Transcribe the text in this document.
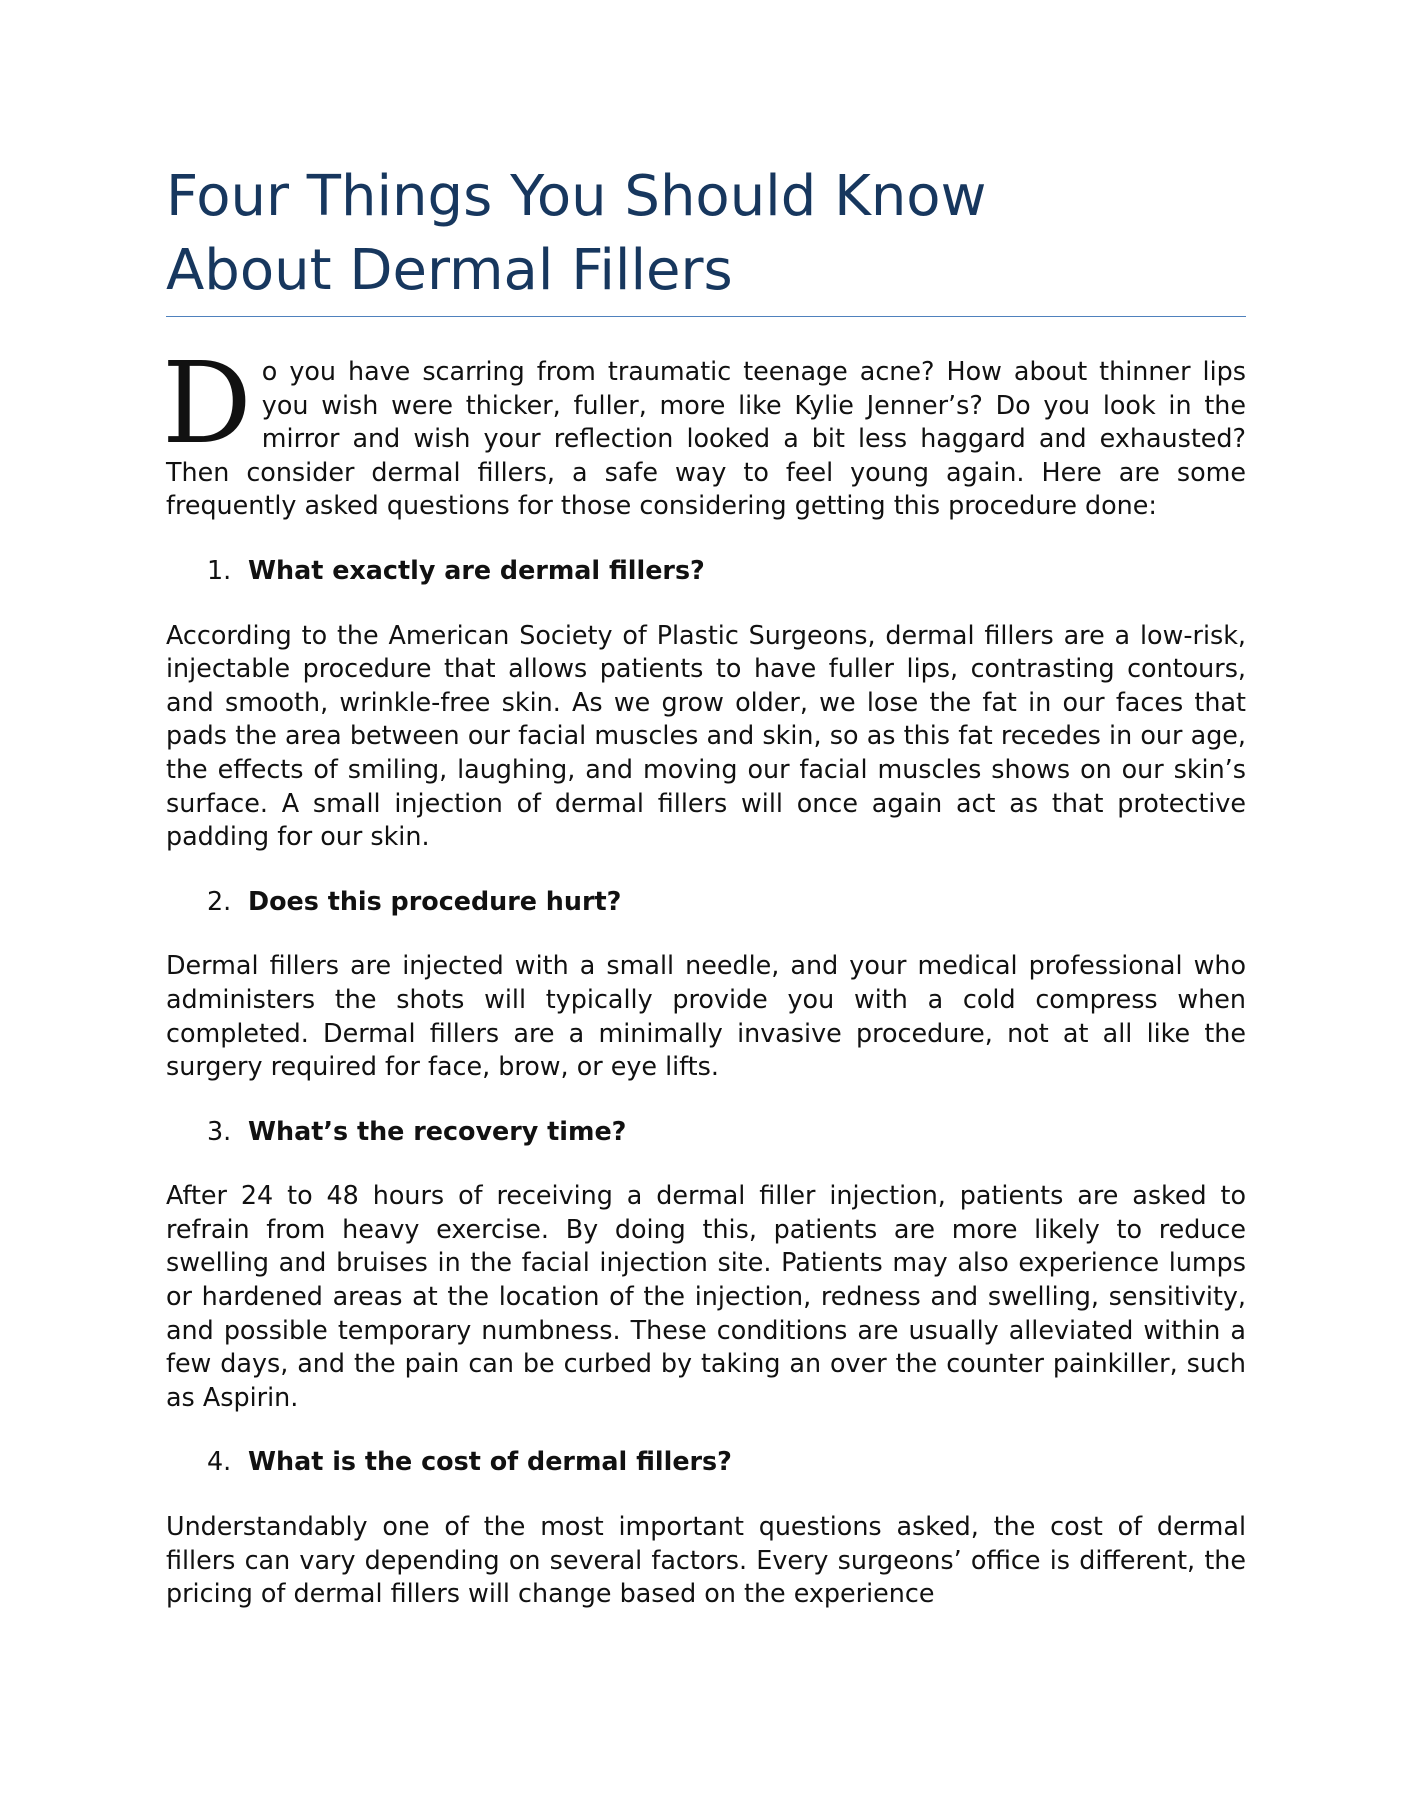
Four Things You Should Know
About Dermal Fillers

D o you have scarring from traumatic teenage acne? How about thinner lips you wish were thicker, fuller, more like Kylie Jenner’s? Do you look in the mirror and wish your reflection looked a bit less haggard and exhausted? Then consider dermal fillers, a safe way to feel young again. Here are some frequently asked questions for those considering getting this procedure done:

1. What exactly are dermal fillers?

According to the American Society of Plastic Surgeons, dermal fillers are a low-risk, injectable procedure that allows patients to have fuller lips, contrasting contours, and smooth, wrinkle-free skin. As we grow older, we lose the fat in our faces that pads the area between our facial muscles and skin, so as this fat recedes in our age, the effects of smiling, laughing, and moving our facial muscles shows on our skin’s surface. A small injection of dermal fillers will once again act as that protective padding for our skin.

2. Does this procedure hurt?

Dermal fillers are injected with a small needle, and your medical professional who administers the shots will typically provide you with a cold compress when completed. Dermal fillers are a minimally invasive procedure, not at all like the surgery required for face, brow, or eye lifts.

3. What’s the recovery time?

After 24 to 48 hours of receiving a dermal filler injection, patients are asked to refrain from heavy exercise. By doing this, patients are more likely to reduce swelling and bruises in the facial injection site. Patients may also experience lumps or hardened areas at the location of the injection, redness and swelling, sensitivity, and possible temporary numbness. These conditions are usually alleviated within a few days, and the pain can be curbed by taking an over the counter painkiller, such as Aspirin.

4. What is the cost of dermal fillers?

Understandably one of the most important questions asked, the cost of dermal fillers can vary depending on several factors. Every surgeons’ office is different, the pricing of dermal fillers will change based on the experience
